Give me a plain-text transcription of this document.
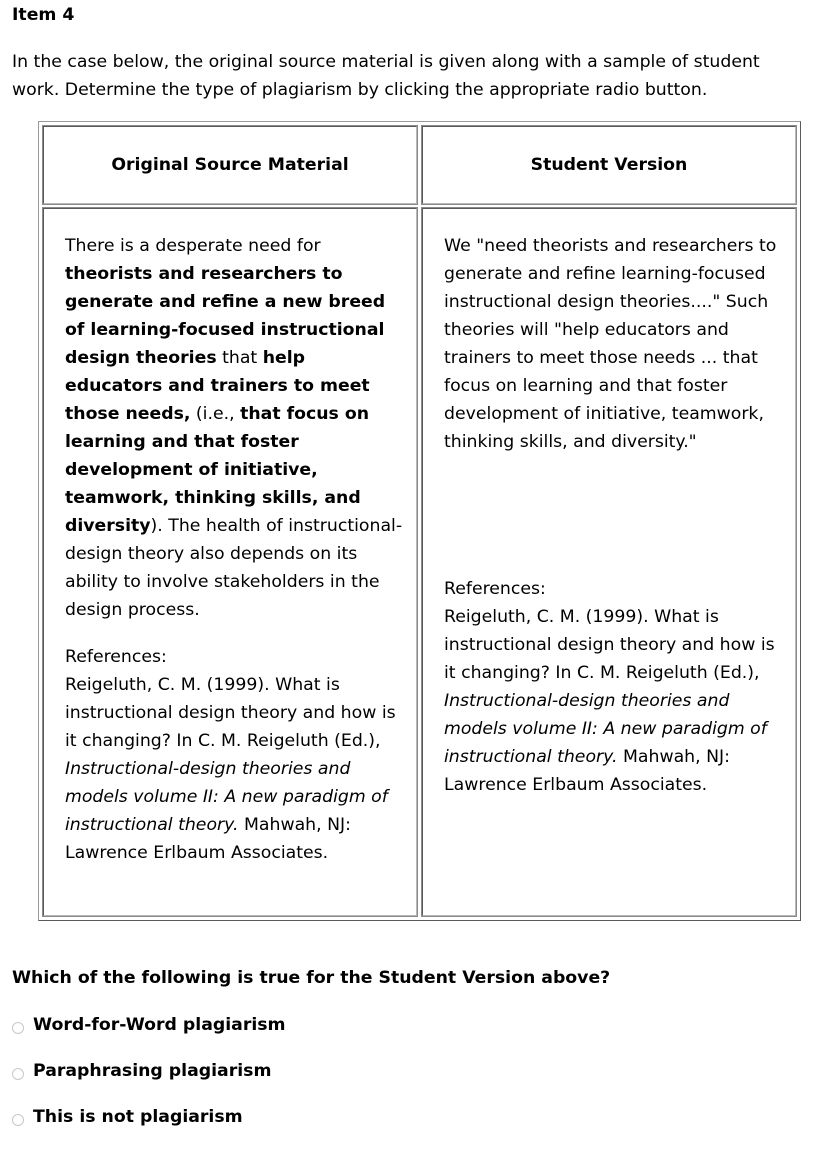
Item 4
In the case below, the original source material is given along with a sample of student work. Determine the type of plagiarism by clicking the appropriate radio button.
Original Source Material	Student Version
There is a desperate need for theorists and researchers to generate and refine a new breed of learning-focused instructional design theories that help educators and trainers to meet those needs, (i.e., that focus on learning and that foster development of initiative, teamwork, thinking skills, and diversity). The health of instructional-design theory also depends on its ability to involve stakeholders in the design process.
References:
Reigeluth, C. M. (1999). What is instructional design theory and how is it changing? In C. M. Reigeluth (Ed.), Instructional-design theories and models volume II: A new paradigm of instructional theory. Mahwah, NJ: Lawrence Erlbaum Associates.
We "need theorists and researchers to generate and refine learning-focused instructional design theories...." Such theories will "help educators and trainers to meet those needs ... that focus on learning and that foster development of initiative, teamwork, thinking skills, and diversity."
References:
Reigeluth, C. M. (1999). What is instructional design theory and how is it changing? In C. M. Reigeluth (Ed.), Instructional-design theories and models volume II: A new paradigm of instructional theory. Mahwah, NJ: Lawrence Erlbaum Associates.
Which of the following is true for the Student Version above?
Word-for-Word plagiarism
Paraphrasing plagiarism
This is not plagiarism
